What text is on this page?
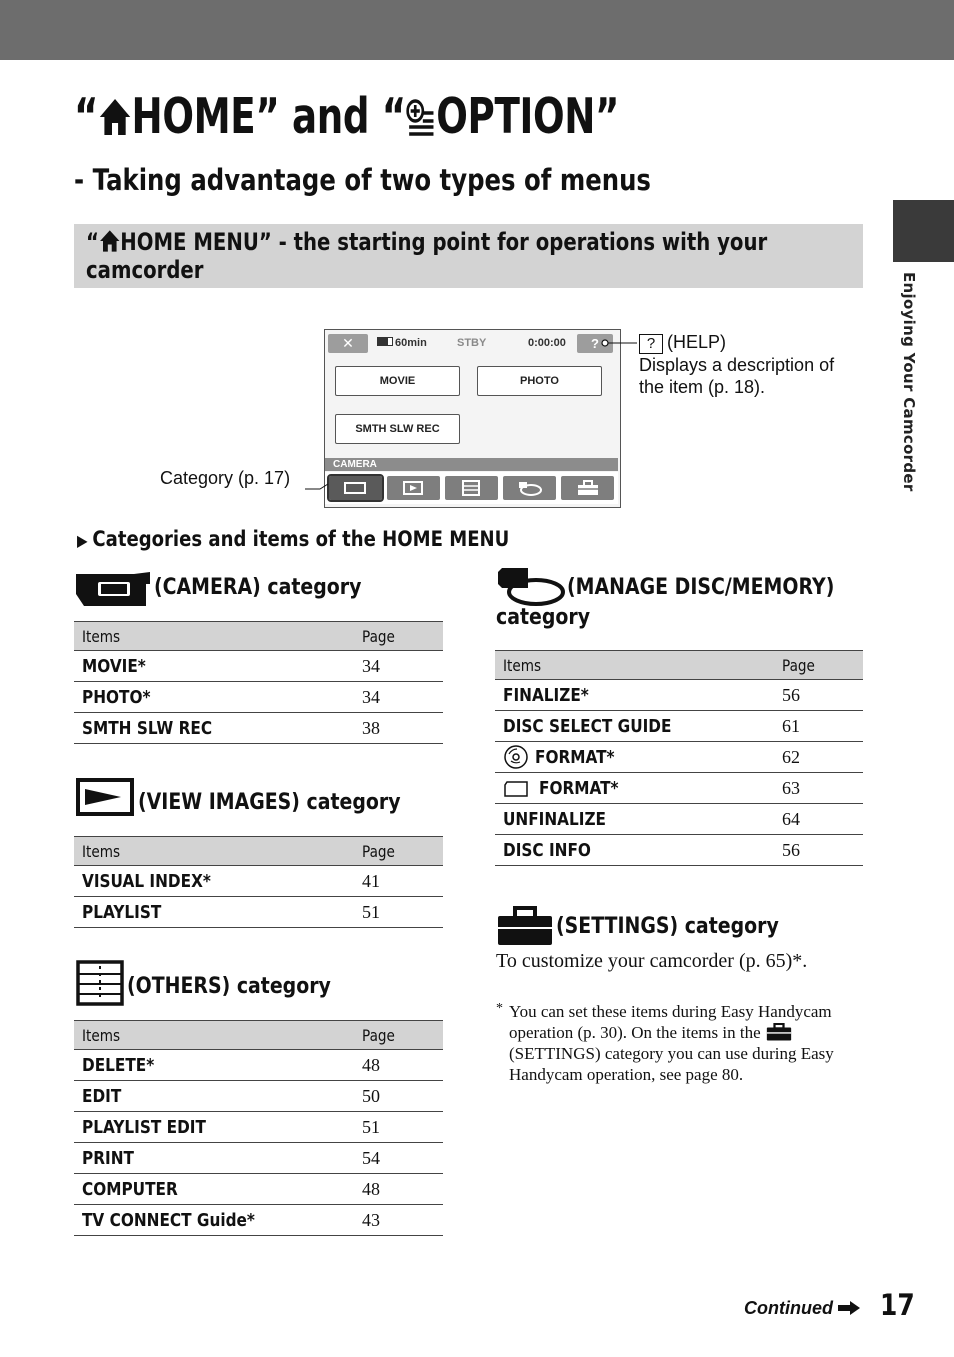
Enjoying Your Camcorder
“ HOME” and “ OPTION”
- Taking advantage of two types of menus
“ HOME MENU” - the starting point for operations with your camcorder
✕	60min	STBY	0:00:00	?
MOVIE	PHOTO
SMTH SLW REC
CAMERA
? (HELP)
Displays a description of the item (p. 18).
Category (p. 17)
▶ Categories and items of the HOME MENU
(CAMERA) category
Items	Page
MOVIE*	34
PHOTO*	34
SMTH SLW REC	38
(VIEW IMAGES) category
Items	Page
VISUAL INDEX*	41
PLAYLIST	51
(OTHERS) category
Items	Page
DELETE*	48
EDIT	50
PLAYLIST EDIT	51
PRINT	54
COMPUTER	48
TV CONNECT Guide*	43
(MANAGE DISC/MEMORY)
category
Items	Page
FINALIZE*	56
DISC SELECT GUIDE	61
FORMAT*	62
FORMAT*	63
UNFINALIZE	64
DISC INFO	56
(SETTINGS) category
To customize your camcorder (p. 65)*.
* You can set these items during Easy Handycam operation (p. 30). On the items in the  (SETTINGS) category you can use during Easy Handycam operation, see page 80.
Continued	17
